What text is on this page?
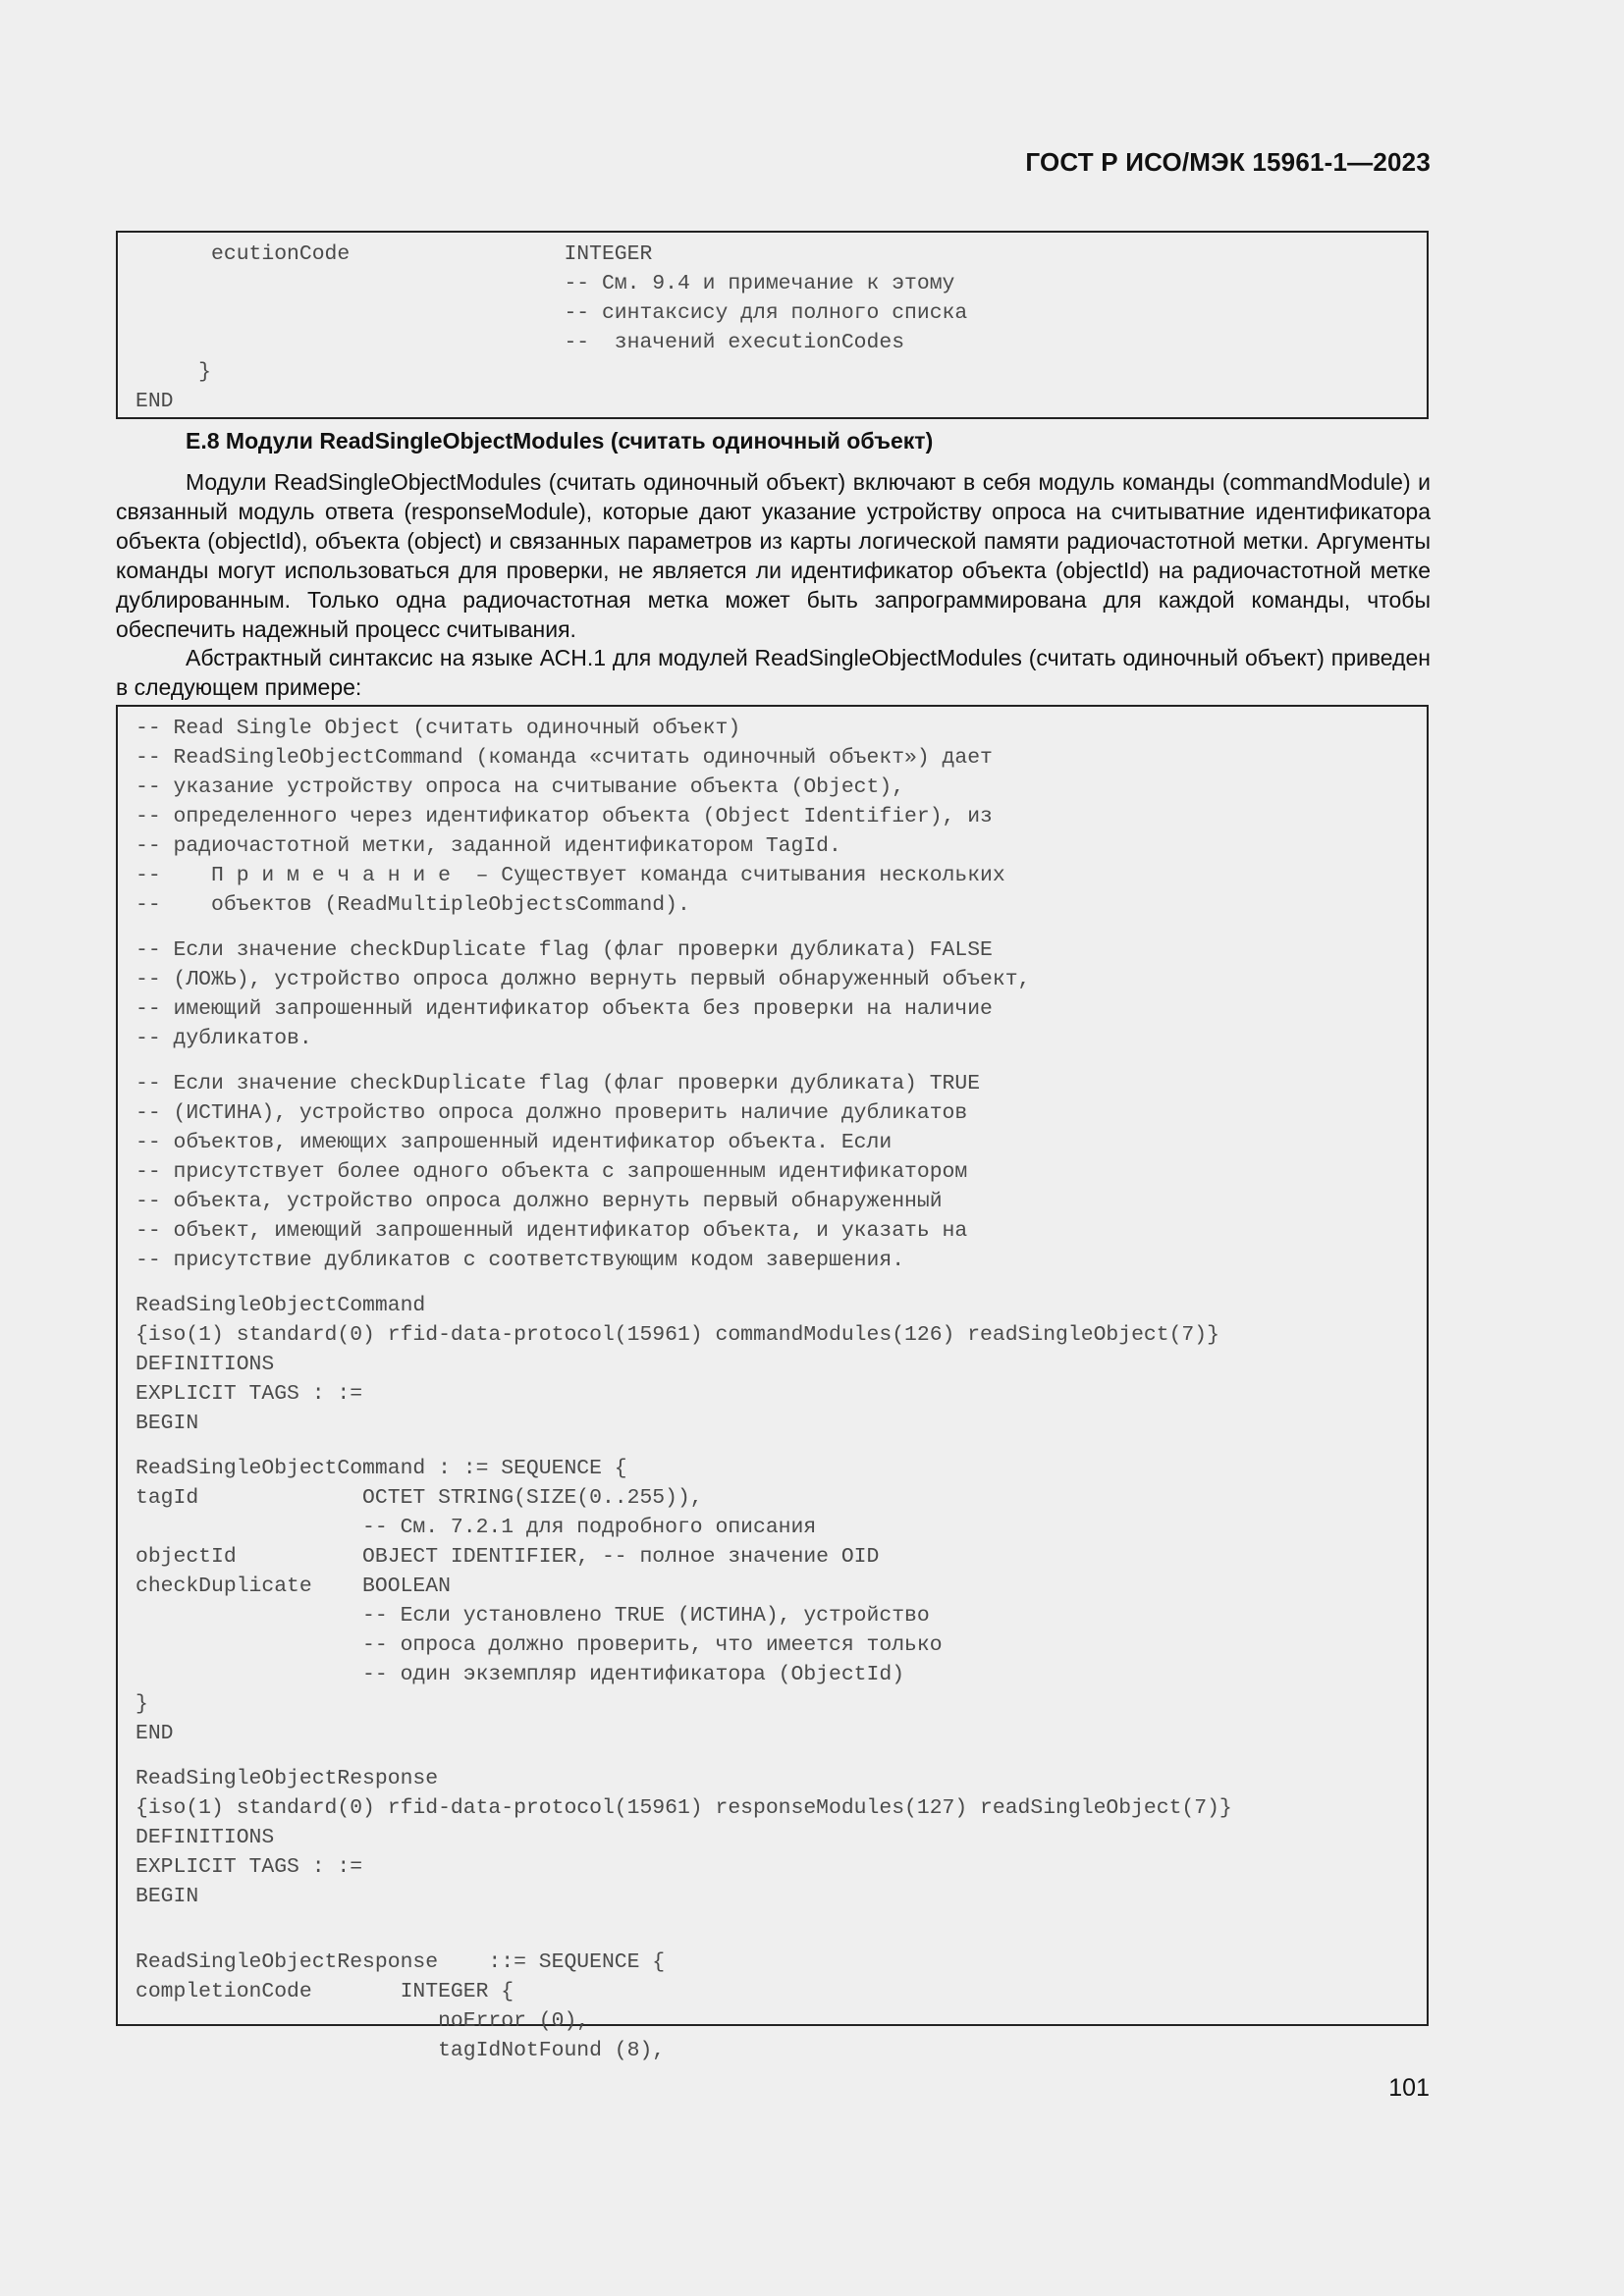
ГОСТ Р ИСО/МЭК 15961-1—2023
ecutionCode                 INTEGER
-- См. 9.4 и примечание к этому
-- синтаксису для полного списка
--  значений executionCodes
}
END
Е.8 Модули ReadSingleObjectModules (считать одиночный объект)

Модули ReadSingleObjectModules (считать одиночный объект) включают в себя модуль команды (commandModule) и связанный модуль ответа (responseModule), которые дают указание устройству опроса на считыватние идентификатора объекта (objectId), объекта (object) и связанных параметров из карты логической памяти радиочастотной метки. Аргументы команды могут использоваться для проверки, не является ли идентификатор объекта (objectId) на радиочастотной метке дублированным. Только одна радиочастотная метка может быть запрограммирована для каждой команды, чтобы обеспечить надежный процесс считывания.

Абстрактный синтаксис на языке АСН.1 для модулей ReadSingleObjectModules (считать одиночный объект) приведен в следующем примере:

-- Read Single Object (считать одиночный объект)
-- ReadSingleObjectCommand (команда «считать одиночный объект») дает
-- указание устройству опроса на считывание объекта (Object),
-- определенного через идентификатор объекта (Object Identifier), из
-- радиочастотной метки, заданной идентификатором TagId.
--    П р и м е ч а н и е  – Существует команда считывания нескольких
--    объектов (ReadMultipleObjectsCommand).
-- Если значение checkDuplicate flag (флаг проверки дубликата) FALSE
-- (ЛОЖЬ), устройство опроса должно вернуть первый обнаруженный объект,
-- имеющий запрошенный идентификатор объекта без проверки на наличие
-- дубликатов.
-- Если значение checkDuplicate flag (флаг проверки дубликата) TRUE
-- (ИСТИНА), устройство опроса должно проверить наличие дубликатов
-- объектов, имеющих запрошенный идентификатор объекта. Если
-- присутствует более одного объекта с запрошенным идентификатором
-- объекта, устройство опроса должно вернуть первый обнаруженный
-- объект, имеющий запрошенный идентификатор объекта, и указать на
-- присутствие дубликатов с соответствующим кодом завершения.
ReadSingleObjectCommand
{iso(1) standard(0) rfid-data-protocol(15961) commandModules(126) readSingleObject(7)}
DEFINITIONS
EXPLICIT TAGS : :=
BEGIN
ReadSingleObjectCommand : := SEQUENCE {
tagId             OCTET STRING(SIZE(0..255)),
-- См. 7.2.1 для подробного описания
objectId          OBJECT IDENTIFIER, -- полное значение OID
checkDuplicate    BOOLEAN
-- Если установлено TRUE (ИСТИНА), устройство
-- опроса должно проверить, что имеется только
-- один экземпляр идентификатора (ObjectId)
}
END
ReadSingleObjectResponse
{iso(1) standard(0) rfid-data-protocol(15961) responseModules(127) readSingleObject(7)}
DEFINITIONS
EXPLICIT TAGS : :=
BEGIN
ReadSingleObjectResponse    ::= SEQUENCE {
completionCode       INTEGER {
noError (0),
tagIdNotFound (8),
101
